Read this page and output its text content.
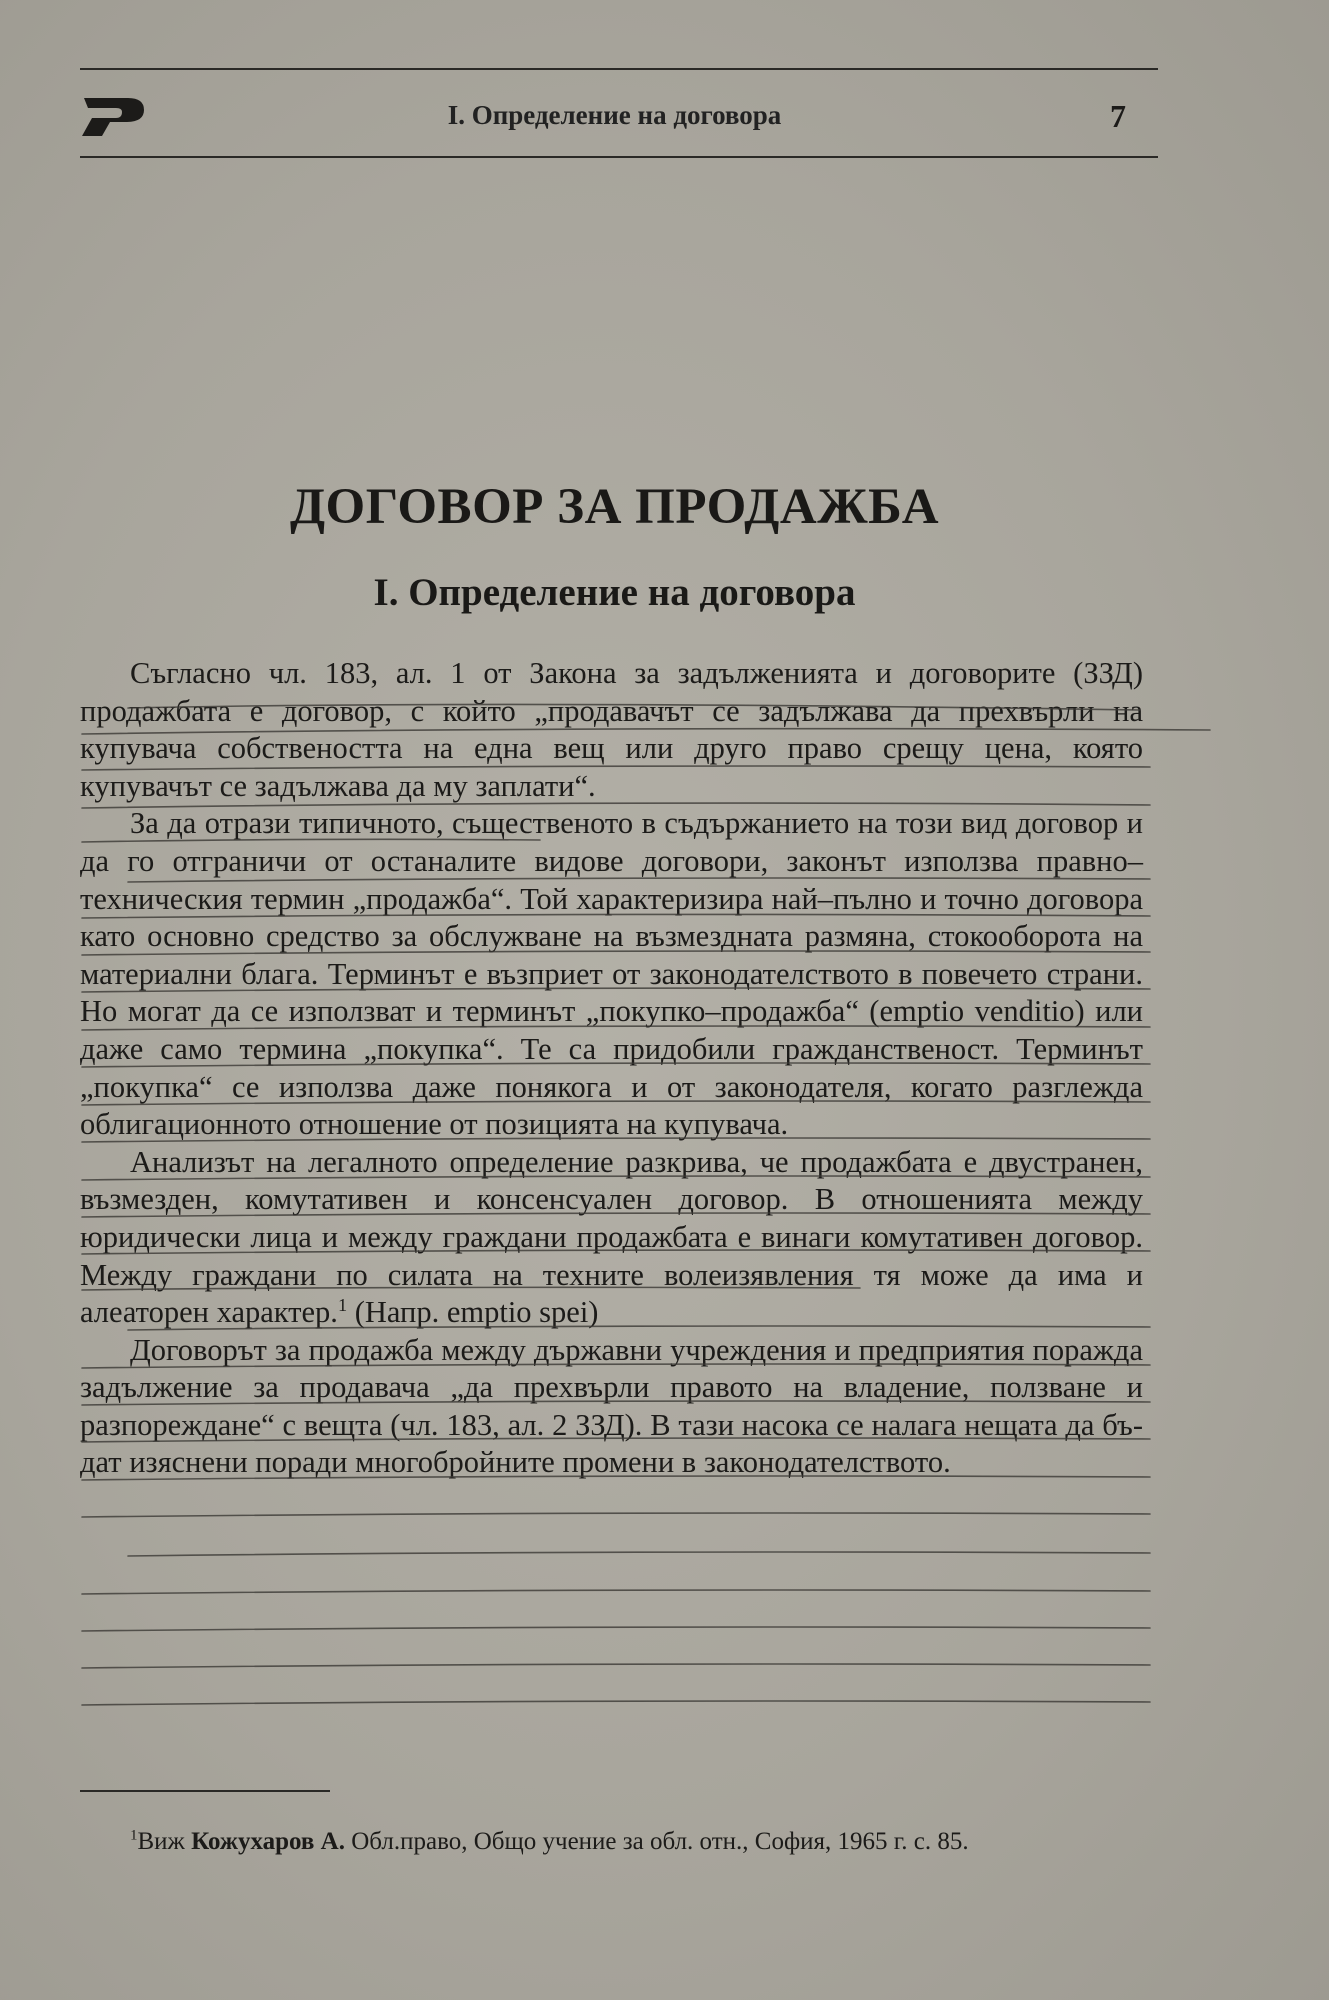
I. Определение на договора	7
ДОГОВОР ЗА ПРОДАЖБА
I. Определение на договора

Съгласно чл. 183, ал. 1 от Закона за задълженията и договорите (ЗЗД) продажбата е договор, с който „продавачът се задължава да прехвърли на купувача собствеността на една вещ или друго право срещу цена, която купувачът се задължава да му заплати“.

За да отрази типичното, същественото в съдържанието на този вид договор и да го отграничи от останалите видове договори, законът използва правно–техническия термин „продажба“. Той характеризира най–пълно и точно договора като основно средство за обслужване на възмездната размяна, стокооборота на материални блага. Терминът е възприет от законодателството в повечето страни. Но могат да се използват и терминът „покупко–продажба“ (emptio venditio) или даже само термина „покупка“. Те са придобили гражданственост. Терминът „покупка“ се използва даже понякога и от законодателя, когато разглежда облигационното отношение от позицията на купувача.

Анализът на легалното определение разкрива, че продажбата е двустранен, възмезден, комутативен и консенсуален договор. В отношенията между юридически лица и между граждани продажбата е винаги комутативен договор. Между граждани по силата на техните волеизявления тя може да има и алеаторен характер.$^1$ (Напр. emptio spei)

Договорът за продажба между държавни учреждения и предприятия поражда задължение за продавача „да прехвърли правото на владение, ползване и разпореждане“ с вещта (чл. 183, ал. 2 ЗЗД). В тази насока се налага нещата да бъдат изяснени поради многобройните промени в законодателството.

$^1$Виж Кожухаров А. Обл.право, Общо учение за обл. отн., София, 1965 г. с. 85.
